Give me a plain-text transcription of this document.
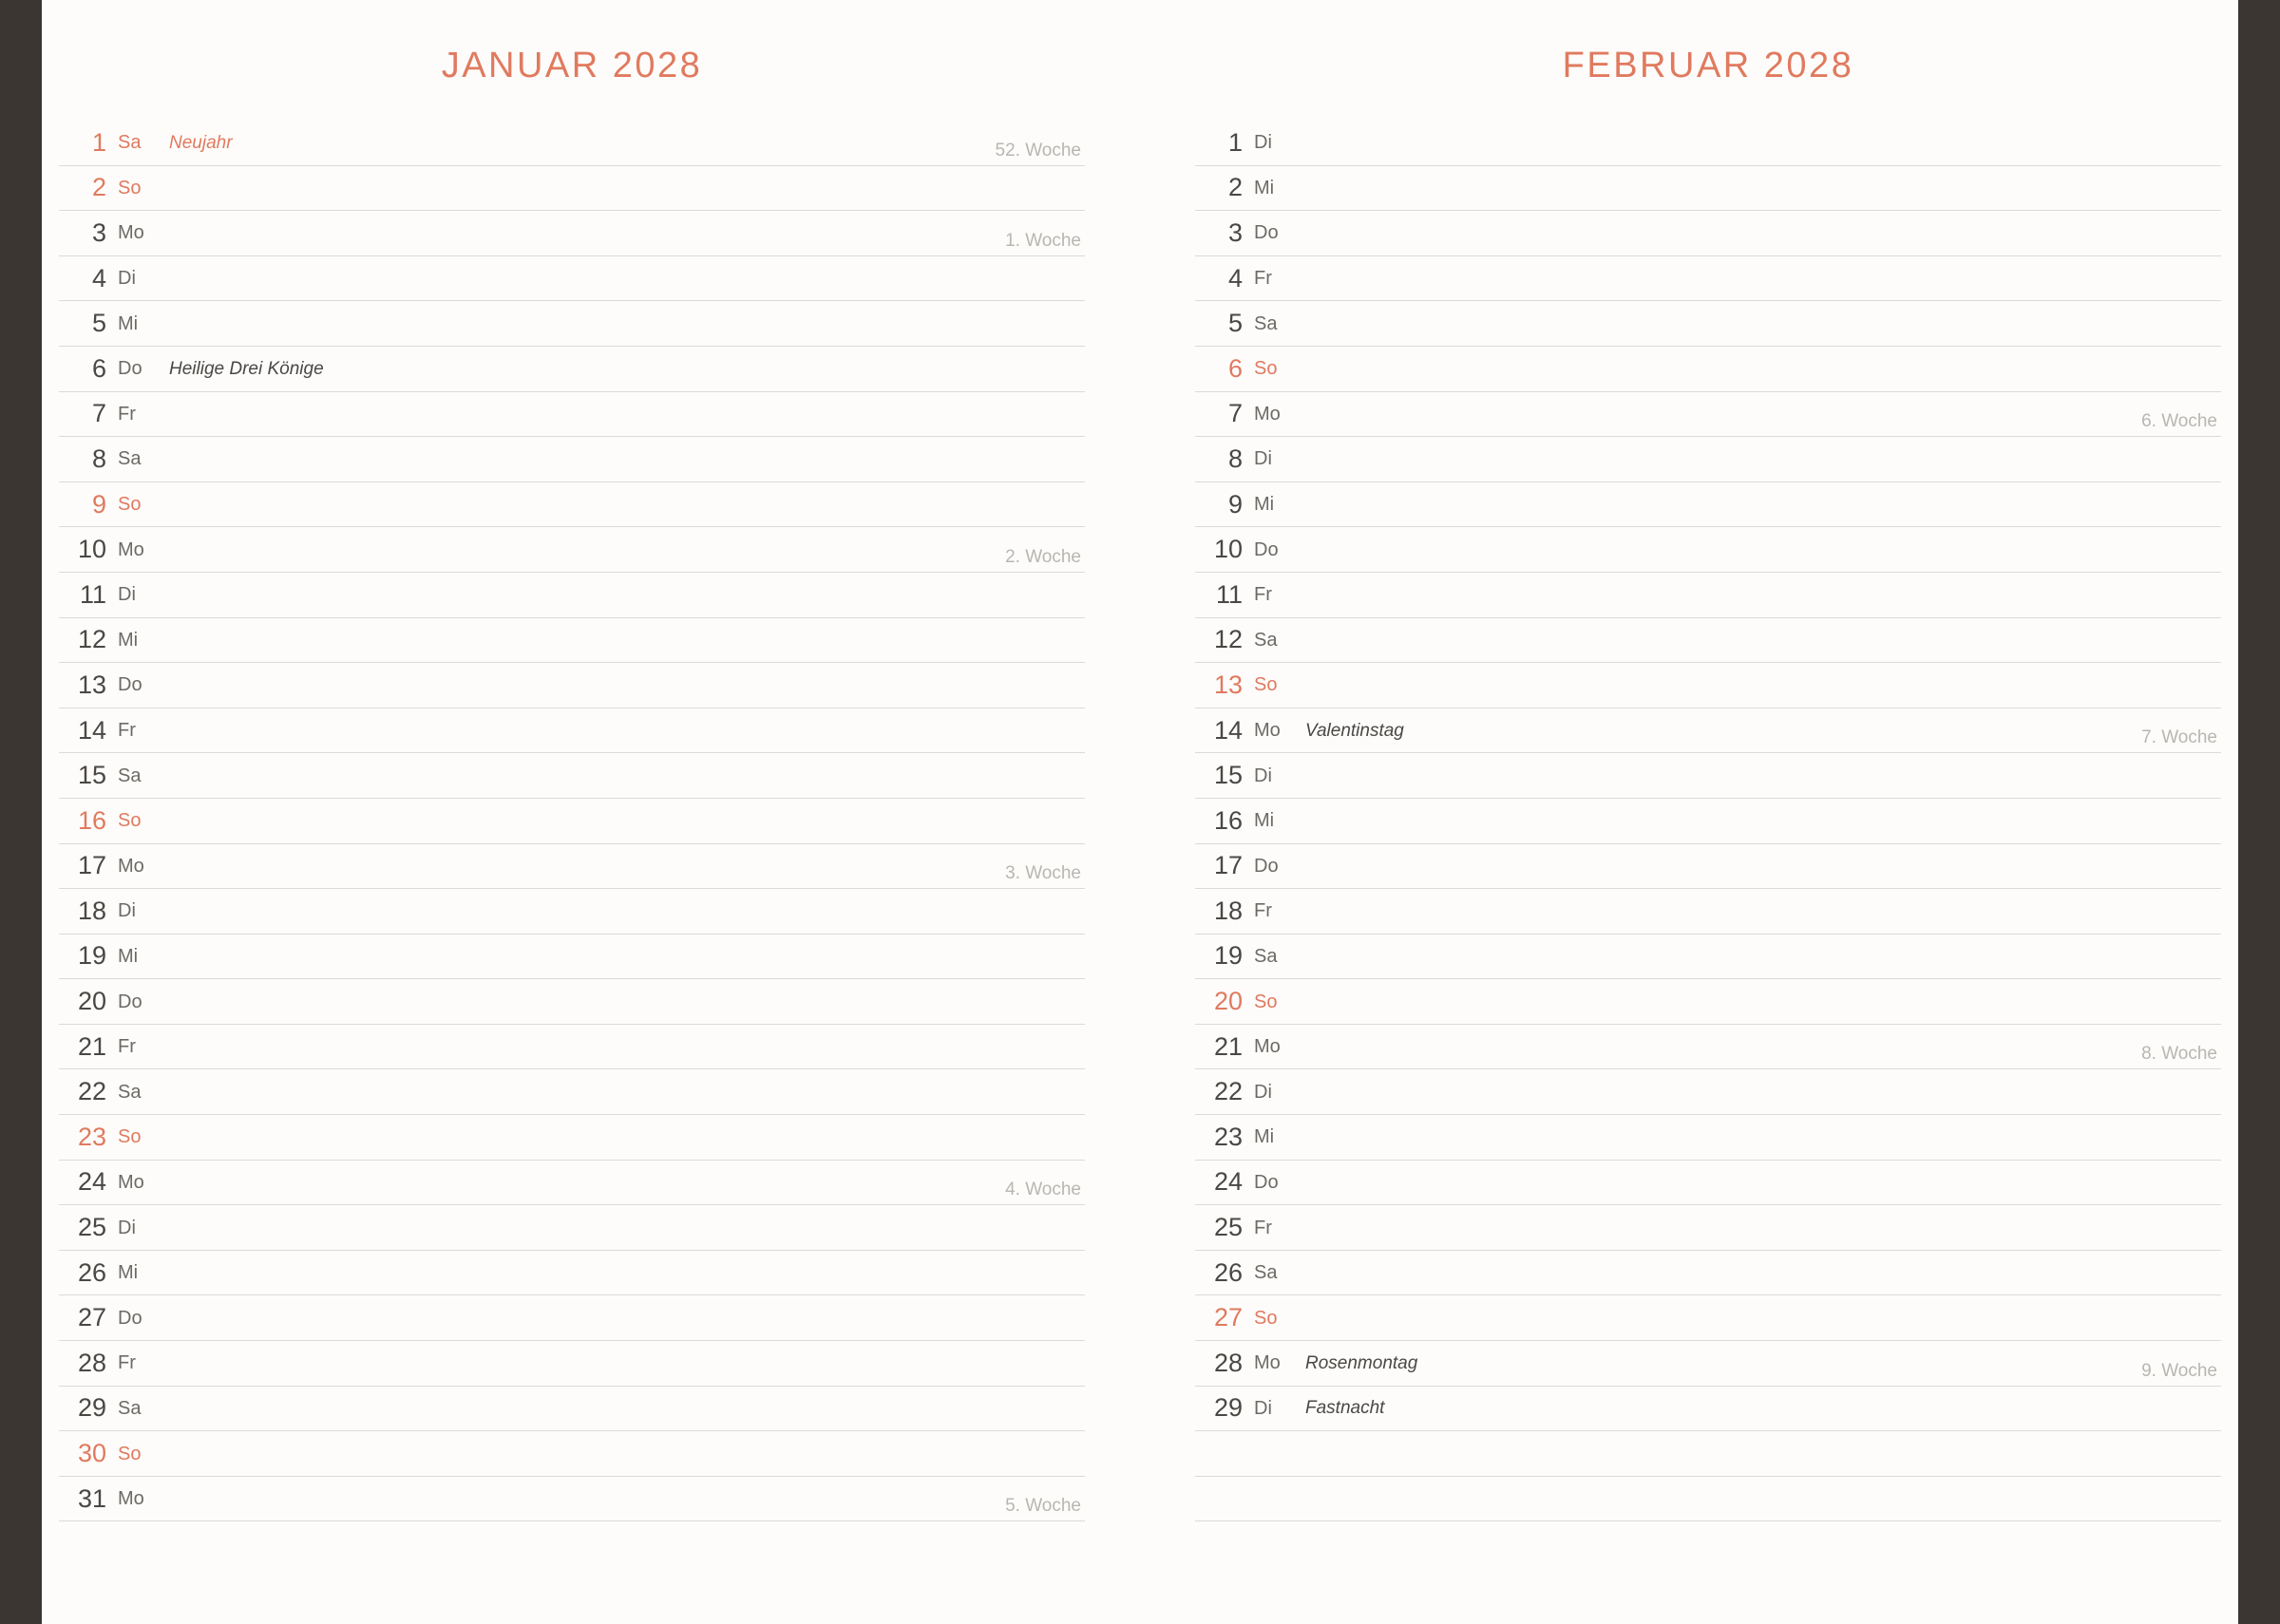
JANUAR 2028
1 Sa	Neujahr	52. Woche
2 So
3 Mo	1. Woche
4 Di
5 Mi
6 Do	Heilige Drei Könige
7 Fr
8 Sa
9 So
10 Mo	2. Woche
11 Di
12 Mi
13 Do
14 Fr
15 Sa
16 So
17 Mo	3. Woche
18 Di
19 Mi
20 Do
21 Fr
22 Sa
23 So
24 Mo	4. Woche
25 Di
26 Mi
27 Do
28 Fr
29 Sa
30 So
31 Mo	5. Woche
FEBRUAR 2028
1 Di
2 Mi
3 Do
4 Fr
5 Sa
6 So
7 Mo	6. Woche
8 Di
9 Mi
10 Do
11 Fr
12 Sa
13 So
14 Mo	Valentinstag	7. Woche
15 Di
16 Mi
17 Do
18 Fr
19 Sa
20 So
21 Mo	8. Woche
22 Di
23 Mi
24 Do
25 Fr
26 Sa
27 So
28 Mo	Rosenmontag	9. Woche
29 Di	Fastnacht
